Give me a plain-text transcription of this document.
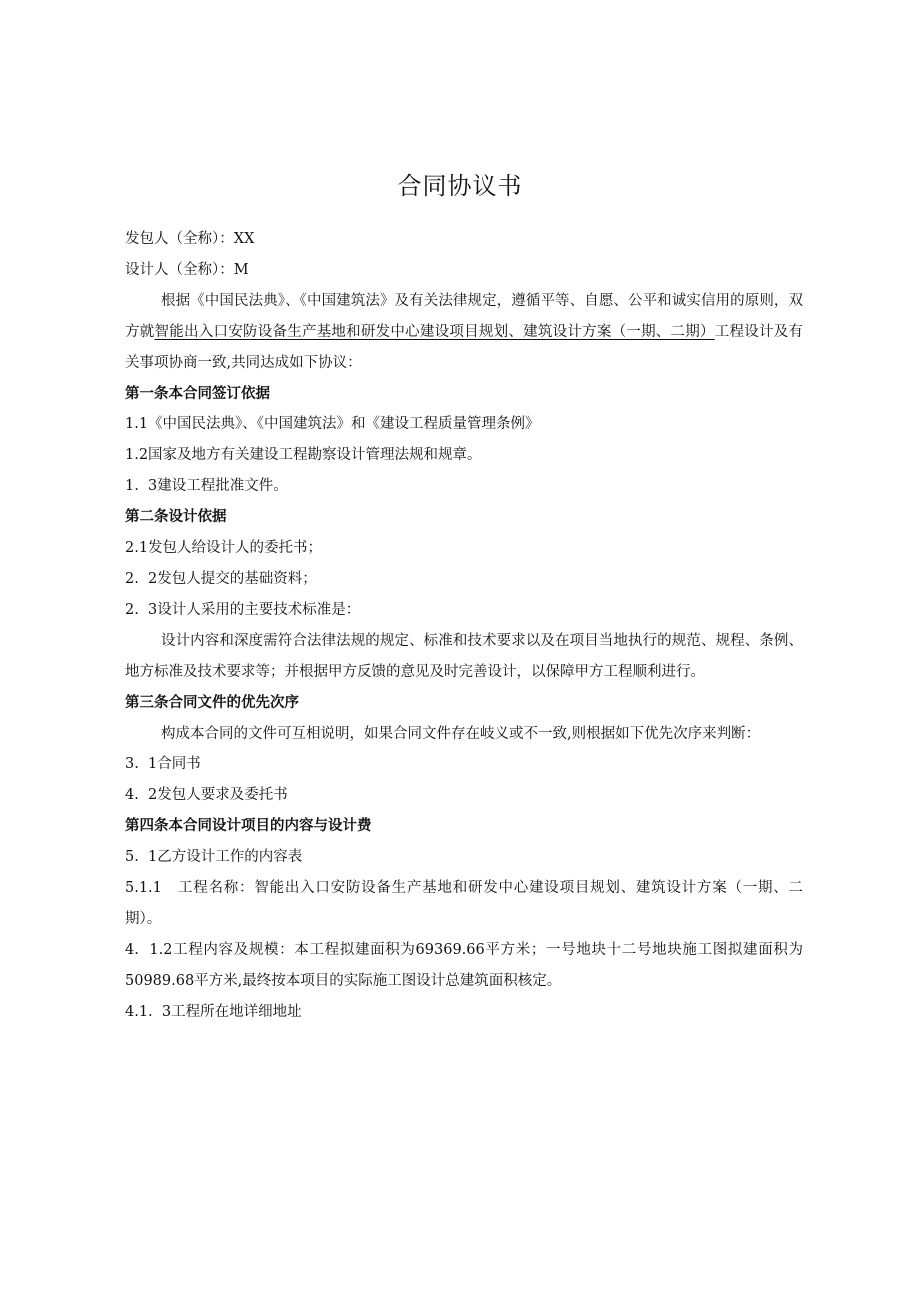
合同协议书

发包人（全称）：XX

设计人（全称）：M

根据《中国民法典》、《中国建筑法》及有关法律规定，遵循平等、自愿、公平和诚实信用的原则，双方就智能出入口安防设备生产基地和研发中心建设项目规划、建筑设计方案（一期、二期）工程设计及有关事项协商一致,共同达成如下协议：

第一条本合同签订依据

1.1《中国民法典》、《中国建筑法》和《建设工程质量管理条例》

1.2国家及地方有关建设工程勘察设计管理法规和规章。

1.  3建设工程批准文件。

第二条设计依据

2.1发包人给设计人的委托书；

2.  2发包人提交的基础资料；

2.  3设计人采用的主要技术标准是：

设计内容和深度需符合法律法规的规定、标准和技术要求以及在项目当地执行的规范、规程、条例、地方标准及技术要求等；并根据甲方反馈的意见及时完善设计，以保障甲方工程顺利进行。

第三条合同文件的优先次序

构成本合同的文件可互相说明，如果合同文件存在岐义或不一致,则根据如下优先次序来判断：

3.  1合同书

4.  2发包人要求及委托书

第四条本合同设计项目的内容与设计费

5.  1乙方设计工作的内容表

5.1.1   工程名称：智能出入口安防设备生产基地和研发中心建设项目规划、建筑设计方案（一期、二期）。

4.  1.2工程内容及规模：本工程拟建面积为69369.66平方米；一号地块十二号地块施工图拟建面积为50989.68平方米,最终按本项目的实际施工图设计总建筑面积核定。

4.1.  3工程所在地详细地址
